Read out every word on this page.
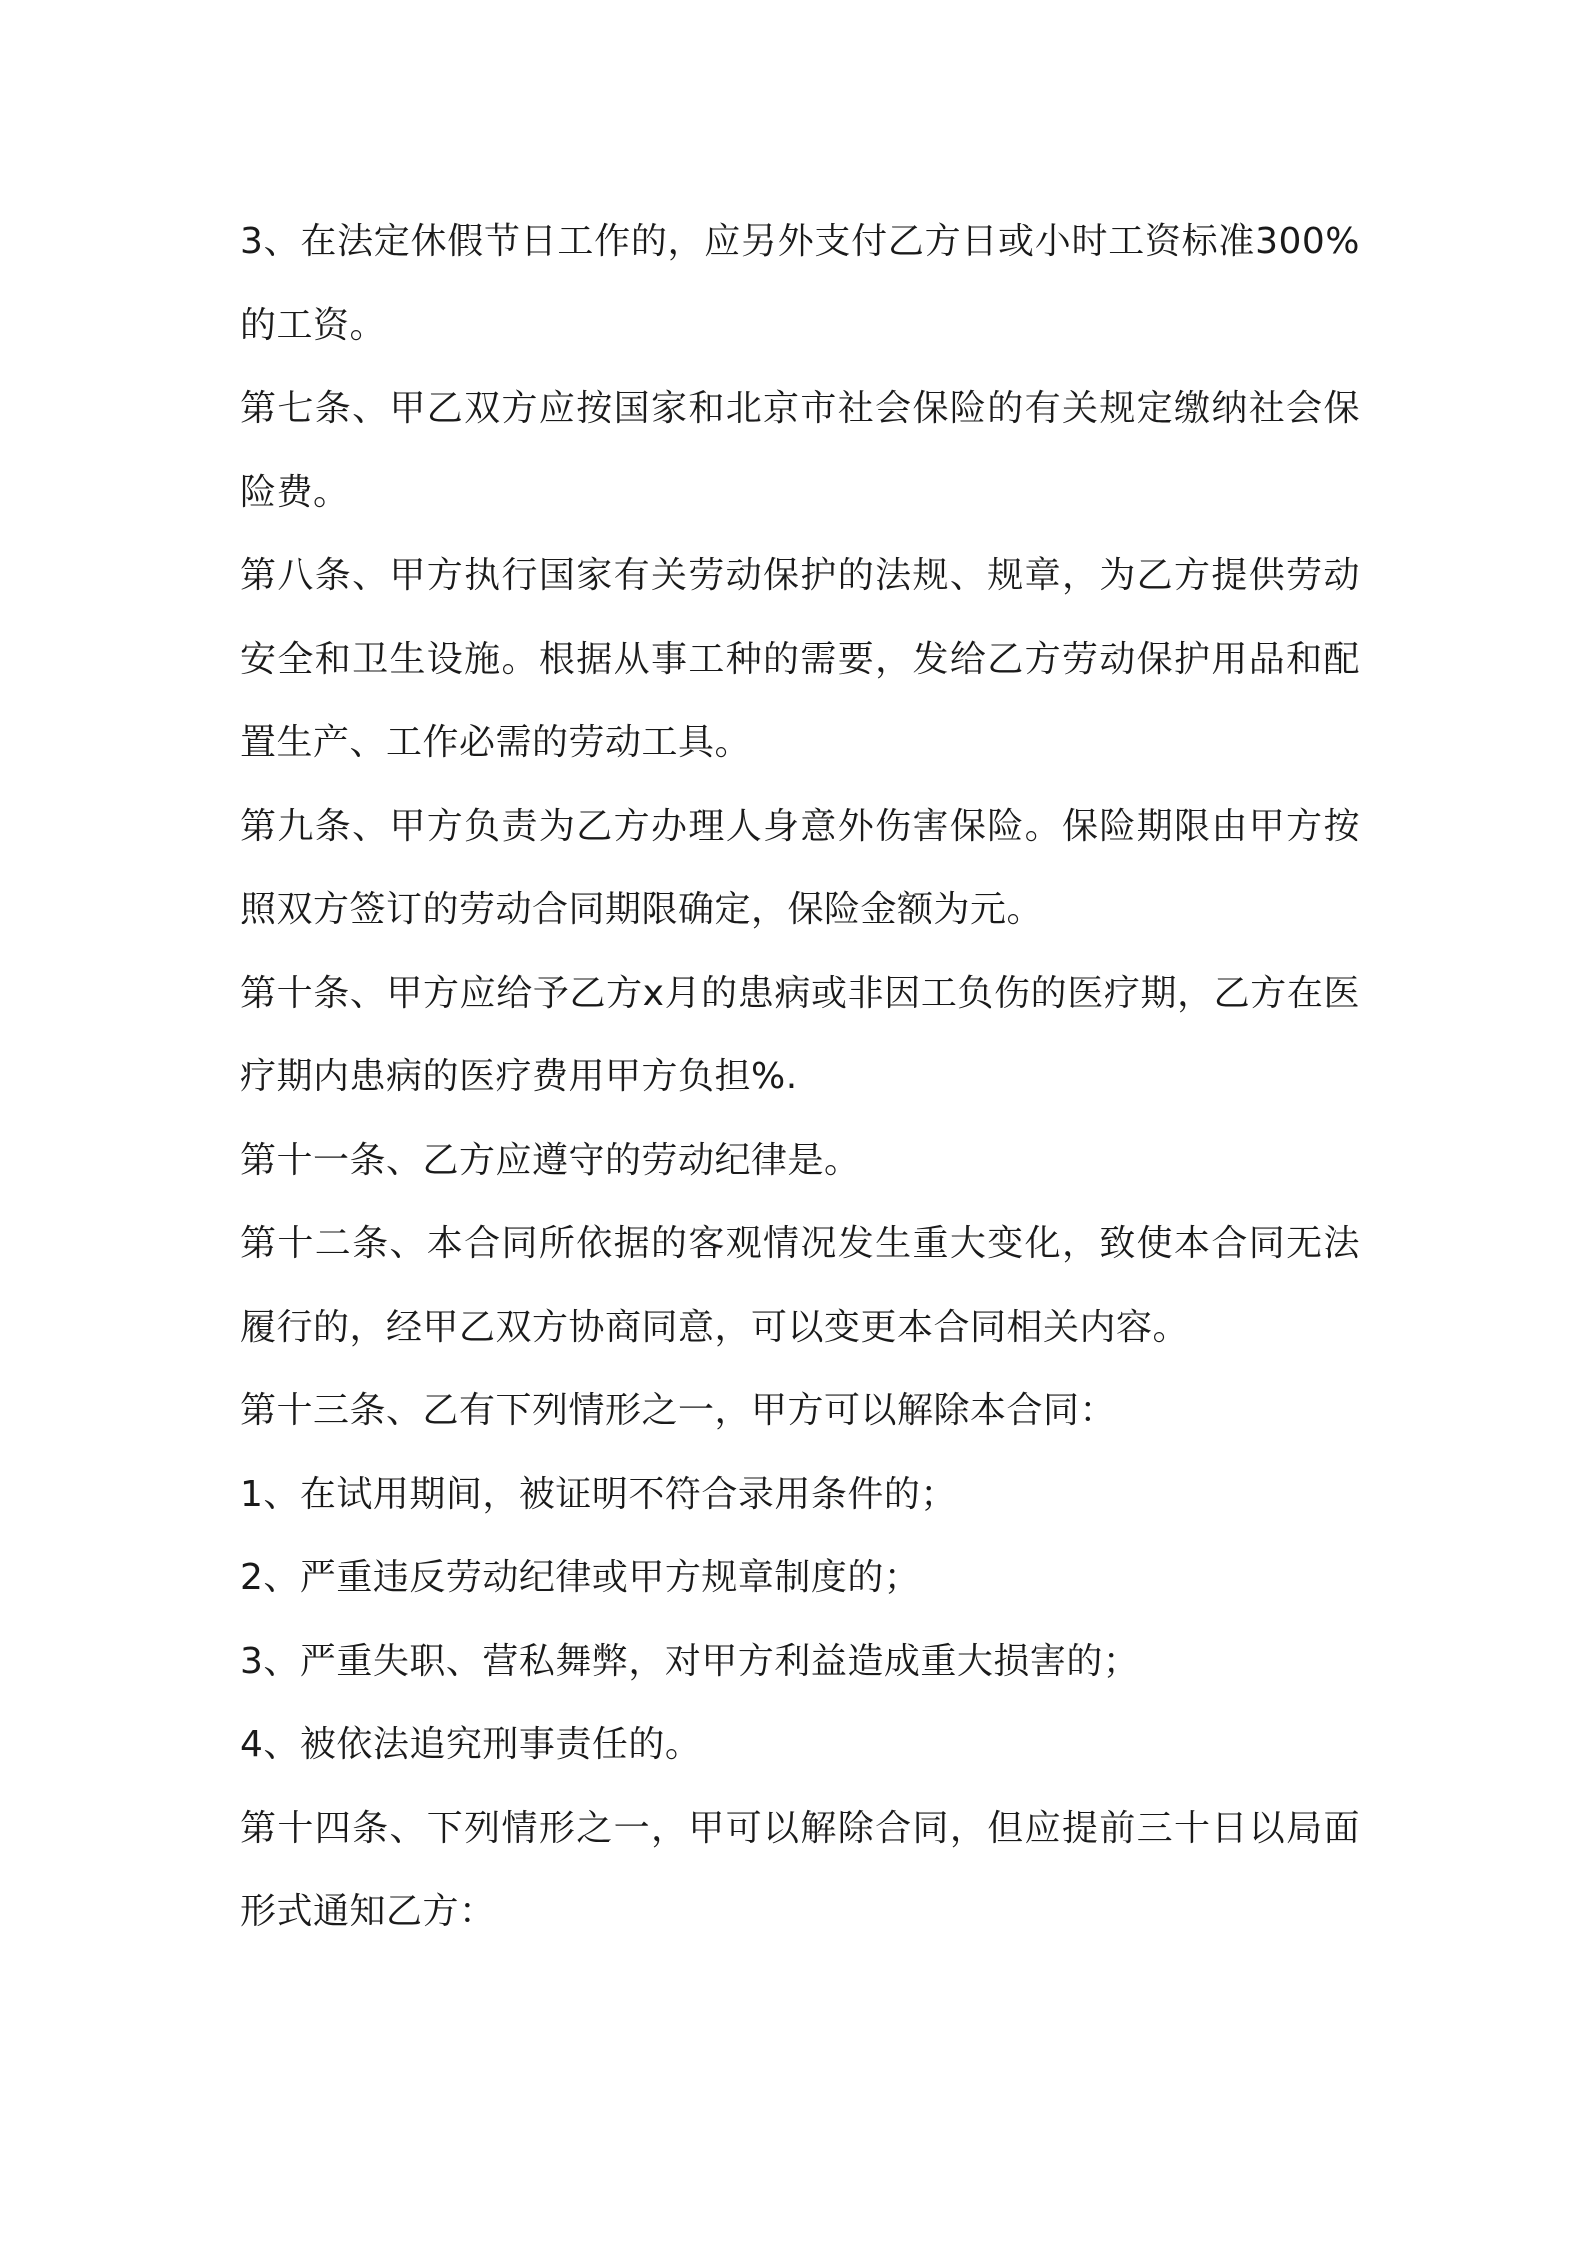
3、在法定休假节日工作的，应另外支付乙方日或小时工资标准300%的工资。

第七条、甲乙双方应按国家和北京市社会保险的有关规定缴纳社会保险费。

第八条、甲方执行国家有关劳动保护的法规、规章，为乙方提供劳动安全和卫生设施。根据从事工种的需要，发给乙方劳动保护用品和配置生产、工作必需的劳动工具。

第九条、甲方负责为乙方办理人身意外伤害保险。保险期限由甲方按照双方签订的劳动合同期限确定，保险金额为元。

第十条、甲方应给予乙方x月的患病或非因工负伤的医疗期，乙方在医疗期内患病的医疗费用甲方负担%.

第十一条、乙方应遵守的劳动纪律是。

第十二条、本合同所依据的客观情况发生重大变化，致使本合同无法履行的，经甲乙双方协商同意，可以变更本合同相关内容。

第十三条、乙有下列情形之一，甲方可以解除本合同：

1、在试用期间，被证明不符合录用条件的；

2、严重违反劳动纪律或甲方规章制度的；

3、严重失职、营私舞弊，对甲方利益造成重大损害的；

4、被依法追究刑事责任的。

第十四条、下列情形之一，甲可以解除合同，但应提前三十日以局面形式通知乙方：
